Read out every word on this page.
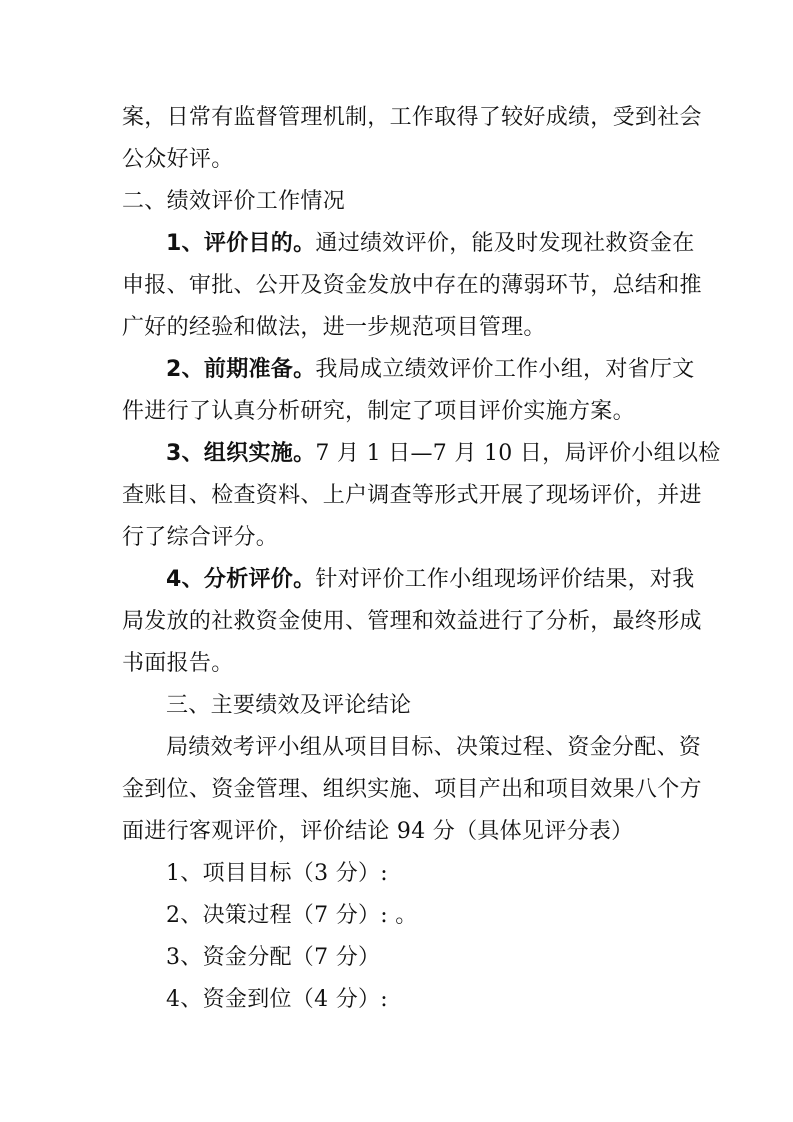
案，日常有监督管理机制，工作取得了较好成绩，受到社会
公众好评。
二、绩效评价工作情况
1、评价目的。通过绩效评价，能及时发现社救资金在
申报、审批、公开及资金发放中存在的薄弱环节，总结和推
广好的经验和做法，进一步规范项目管理。
2、前期准备。我局成立绩效评价工作小组，对省厅文
件进行了认真分析研究，制定了项目评价实施方案。
3、组织实施。7 月 1 日—7 月 10 日，局评价小组以检
查账目、检查资料、上户调查等形式开展了现场评价，并进
行了综合评分。
4、分析评价。针对评价工作小组现场评价结果，对我
局发放的社救资金使用、管理和效益进行了分析，最终形成
书面报告。
三、主要绩效及评论结论
局绩效考评小组从项目目标、决策过程、资金分配、资
金到位、资金管理、组织实施、项目产出和项目效果八个方
面进行客观评价，评价结论 94 分（具体见评分表）
1、项目目标（3 分）:
2、决策过程（7 分）: 。
3、资金分配（7 分）
4、资金到位（4 分）:
